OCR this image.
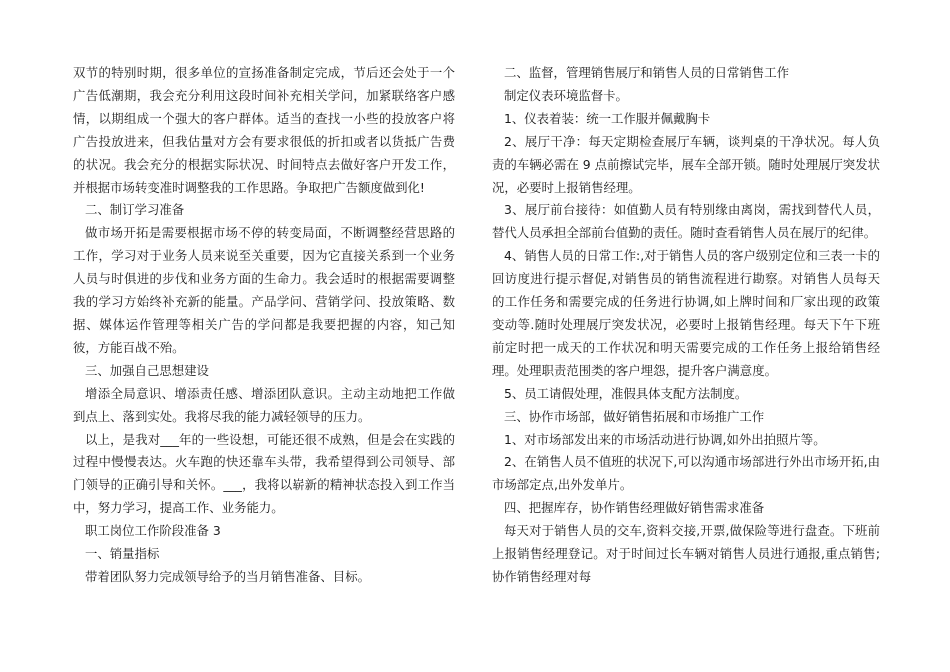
双节的特别时期，很多单位的宣扬准备制定完成，节后还会处于一个广告低潮期，我会充分利用这段时间补充相关学问，加紧联络客户感情，以期组成一个强大的客户群体。适当的查找一小些的投放客户将广告投放进来，但我估量对方会有要求很低的折扣或者以货抵广告费的状况。我会充分的根据实际状况、时间特点去做好客户开发工作，并根据市场转变准时调整我的工作思路。争取把广告额度做到化!

二、制订学习准备

做市场开拓是需要根据市场不停的转变局面，不断调整经营思路的工作，学习对于业务人员来说至关重要，因为它直接关系到一个业务人员与时俱进的步伐和业务方面的生命力。我会适时的根据需要调整我的学习方始终补充新的能量。产品学问、营销学问、投放策略、数据、媒体运作管理等相关广告的学问都是我要把握的内容，知己知彼，方能百战不殆。

三、加强自己思想建设

增添全局意识、增添责任感、增添团队意识。主动主动地把工作做到点上、落到实处。我将尽我的能力减轻领导的压力。

以上，是我对___年的一些设想，可能还很不成熟，但是会在实践的过程中慢慢表达。火车跑的快还靠车头带，我希望得到公司领导、部门领导的正确引导和关怀。___，我将以崭新的精神状态投入到工作当中，努力学习，提高工作、业务能力。

职工岗位工作阶段准备 3

一、销量指标

带着团队努力完成领导给予的当月销售准备、目标。

二、监督，管理销售展厅和销售人员的日常销售工作

制定仪表环境监督卡。

1、仪表着装：统一工作服并佩戴胸卡

2、展厅干净：每天定期检查展厅车辆，谈判桌的干净状况。每人负责的车辆必需在 9 点前擦试完毕，展车全部开锁。随时处理展厅突发状况，必要时上报销售经理。

3、展厅前台接待：如值勤人员有特别缘由离岗，需找到替代人员，替代人员承担全部前台值勤的责任。随时查看销售人员在展厅的纪律。

4、销售人员的日常工作:,对于销售人员的客户级别定位和三表一卡的回访度进行提示督促,对销售员的销售流程进行勘察。对销售人员每天的工作任务和需要完成的任务进行协调,如上牌时间和厂家出现的政策变动等.随时处理展厅突发状况，必要时上报销售经理。每天下午下班前定时把一成天的工作状况和明天需要完成的工作任务上报给销售经理。处理职责范围类的客户埋怨，提升客户满意度。

5、员工请假处理，准假具体支配方法制度。

三、协作市场部，做好销售拓展和市场推广工作

1、对市场部发出来的市场活动进行协调,如外出拍照片等。

2、在销售人员不值班的状况下,可以沟通市场部进行外出市场开拓,由市场部定点,出外发单片。

四、把握库存，协作销售经理做好销售需求准备

每天对于销售人员的交车,资料交接,开票,做保险等进行盘查。下班前上报销售经理登记。对于时间过长车辆对销售人员进行通报,重点销售;协作销售经理对每
